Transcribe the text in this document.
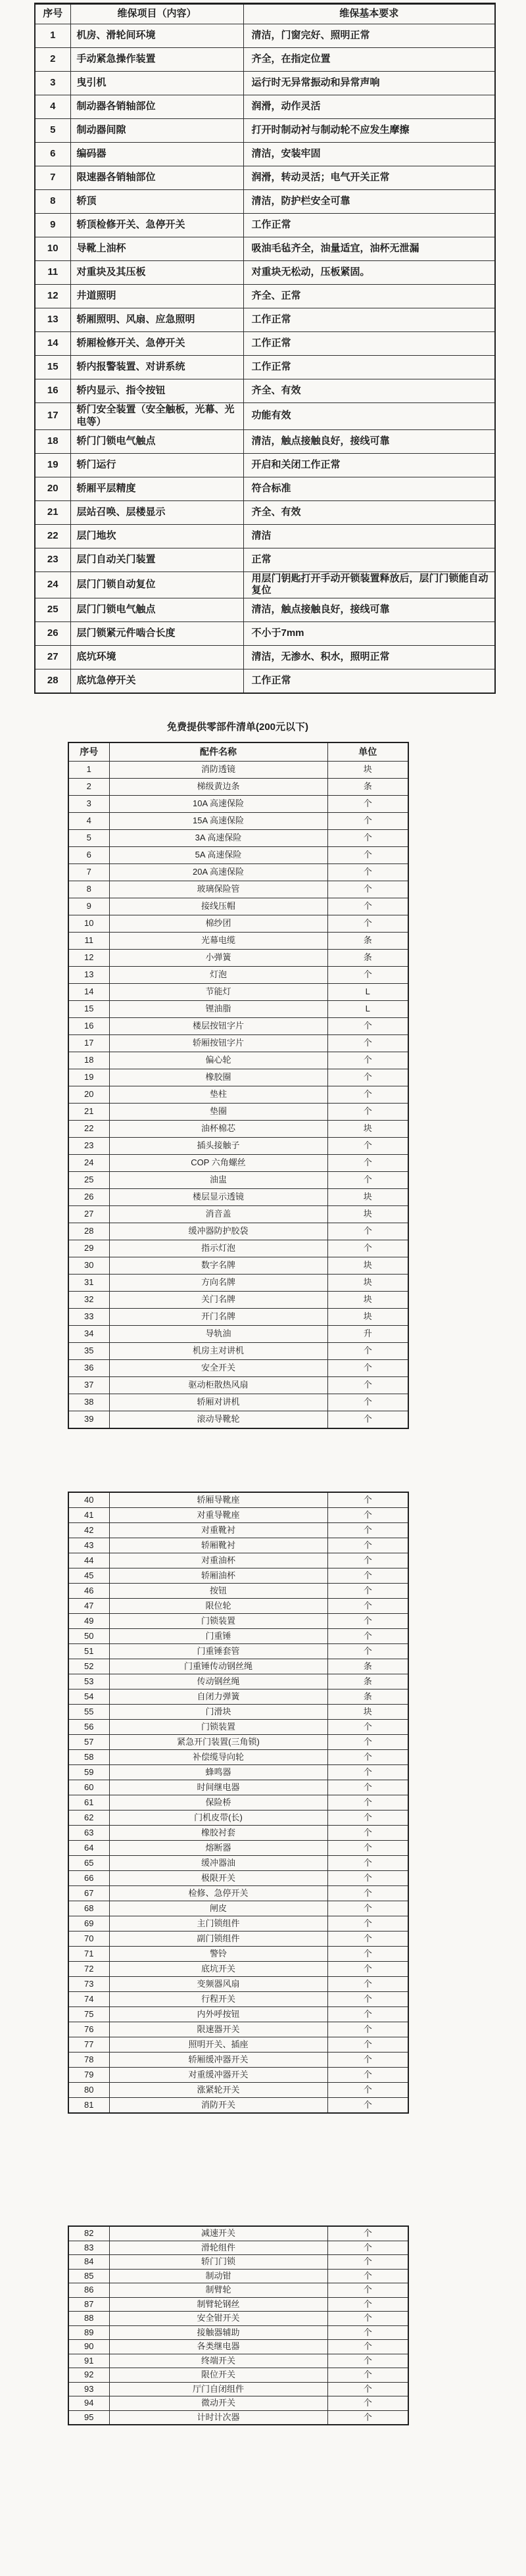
序号	维保项目（内容）	维保基本要求
1	机房、滑轮间环境	清洁，门窗完好、照明正常
2	手动紧急操作装置	齐全，在指定位置
3	曳引机	运行时无异常振动和异常声响
4	制动器各销轴部位	润滑，动作灵活
5	制动器间隙	打开时制动衬与制动轮不应发生摩擦
6	编码器	清洁，安装牢固
7	限速器各销轴部位	润滑，转动灵活；电气开关正常
8	轿顶	清洁，防护栏安全可靠
9	轿顶检修开关、急停开关	工作正常
10	导靴上油杯	吸油毛毡齐全，油量适宜，油杯无泄漏
11	对重块及其压板	对重块无松动，压板紧固。
12	井道照明	齐全、正常
13	轿厢照明、风扇、应急照明	工作正常
14	轿厢检修开关、急停开关	工作正常
15	轿内报警装置、对讲系统	工作正常
16	轿内显示、指令按钮	齐全、有效
17	轿门安全装置（安全触板，光幕、光电等）	功能有效
18	轿门门锁电气触点	清洁，触点接触良好，接线可靠
19	轿门运行	开启和关闭工作正常
20	轿厢平层精度	符合标准
21	层站召唤、层楼显示	齐全、有效
22	层门地坎	清洁
23	层门自动关门装置	正常
24	层门门锁自动复位	用层门钥匙打开手动开锁装置释放后，层门门锁能自动复位
25	层门门锁电气触点	清洁，触点接触良好，接线可靠
26	层门锁紧元件啮合长度	不小于7mm
27	底坑环境	清洁，无渗水、积水，照明正常
28	底坑急停开关	工作正常
免费提供零部件清单(200元以下)
序号	配件名称	单位
1	消防透镜	块
2	梯级黄边条	条
3	10A 高速保险	个
4	15A 高速保险	个
5	3A 高速保险	个
6	5A 高速保险	个
7	20A 高速保险	个
8	玻璃保险管	个
9	接线压帽	个
10	棉纱团	个
11	光幕电缆	条
12	小弹簧	条
13	灯泡	个
14	节能灯	L
15	锂油脂	L
16	楼层按钮字片	个
17	轿厢按钮字片	个
18	偏心轮	个
19	橡胶圈	个
20	垫柱	个
21	垫圈	个
22	油杯棉芯	块
23	插头接触子	个
24	COP 六角螺丝	个
25	油盅	个
26	楼层显示透镜	块
27	消音盖	块
28	缓冲器防护胶袋	个
29	指示灯泡	个
30	数字名牌	块
31	方向名牌	块
32	关门名牌	块
33	开门名牌	块
34	导轨油	升
35	机房主对讲机	个
36	安全开关	个
37	驱动柜散热风扇	个
38	轿厢对讲机	个
39	滚动导靴轮	个
40	轿厢导靴座	个
41	对重导靴座	个
42	对重靴衬	个
43	轿厢靴衬	个
44	对重油杯	个
45	轿厢油杯	个
46	按钮	个
47	限位轮	个
49	门锁装置	个
50	门重锤	个
51	门重锤套管	个
52	门重锤传动钢丝绳	条
53	传动钢丝绳	条
54	自闭力弹簧	条
55	门滑块	块
56	门锁装置	个
57	紧急开门装置(三角锁)	个
58	补偿缆导向轮	个
59	蜂鸣器	个
60	时间继电器	个
61	保险桥	个
62	门机皮带(长)	个
63	橡胶衬套	个
64	熔断器	个
65	缓冲器油	个
66	极限开关	个
67	检修、急停开关	个
68	闸皮	个
69	主门锁组件	个
70	副门锁组件	个
71	警铃	个
72	底坑开关	个
73	变频器风扇	个
74	行程开关	个
75	内外呼按钮	个
76	限速器开关	个
77	照明开关、插座	个
78	轿厢缓冲器开关	个
79	对重缓冲器开关	个
80	涨紧轮开关	个
81	消防开关	个
82	减速开关	个
83	滑轮组件	个
84	轿门门锁	个
85	制动钳	个
86	制臂轮	个
87	制臂轮钢丝	个
88	安全钳开关	个
89	接触器辅助	个
90	各类继电器	个
91	终端开关	个
92	限位开关	个
93	厅门自闭组件	个
94	微动开关	个
95	计时计次器	个
